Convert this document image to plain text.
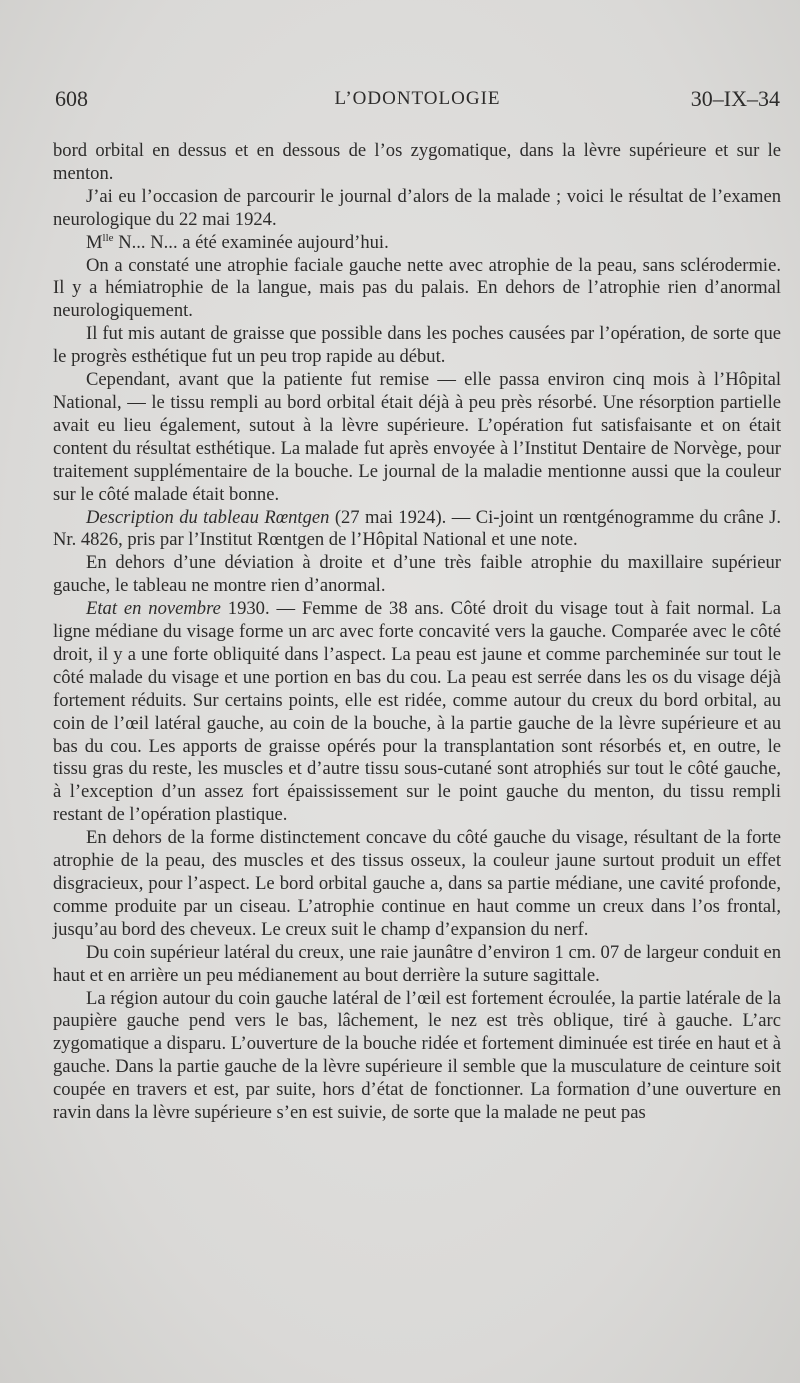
608	L’ODONTOLOGIE	30–IX–34

bord orbital en dessus et en dessous de l’os zygomatique, dans la lèvre supérieure et sur le menton.

J’ai eu l’occasion de parcourir le journal d’alors de la malade ; voici le résultat de l’examen neurologique du 22 mai 1924.

$M^{lle}$ N... N... a été examinée aujourd’hui.

On a constaté une atrophie faciale gauche nette avec atrophie de la peau, sans sclérodermie. Il y a hémiatrophie de la langue, mais pas du palais. En dehors de l’atrophie rien d’anormal neurologiquement.

Il fut mis autant de graisse que possible dans les poches causées par l’opération, de sorte que le progrès esthétique fut un peu trop rapide au début.

Cependant, avant que la patiente fut remise — elle passa environ cinq mois à l’Hôpital National, — le tissu rempli au bord orbital était déjà à peu près résorbé. Une résorption partielle avait eu lieu également, sutout à la lèvre supérieure. L’opération fut satisfaisante et on était content du résultat esthétique. La malade fut après envoyée à l’Institut Dentaire de Norvège, pour traitement supplémentaire de la bouche. Le journal de la maladie mentionne aussi que la couleur sur le côté malade était bonne.

Description du tableau Rœntgen (27 mai 1924). — Ci-joint un rœntgénogramme du crâne J. Nr. 4826, pris par l’Institut Rœntgen de l’Hôpital National et une note.

En dehors d’une déviation à droite et d’une très faible atrophie du maxillaire supérieur gauche, le tableau ne montre rien d’anormal.

Etat en novembre 1930. — Femme de 38 ans. Côté droit du visage tout à fait normal. La ligne médiane du visage forme un arc avec forte concavité vers la gauche. Comparée avec le côté droit, il y a une forte obliquité dans l’aspect. La peau est jaune et comme parcheminée sur tout le côté malade du visage et une portion en bas du cou. La peau est serrée dans les os du visage déjà fortement réduits. Sur certains points, elle est ridée, comme autour du creux du bord orbital, au coin de l’œil latéral gauche, au coin de la bouche, à la partie gauche de la lèvre supérieure et au bas du cou. Les apports de graisse opérés pour la transplantation sont résorbés et, en outre, le tissu gras du reste, les muscles et d’autre tissu sous-cutané sont atrophiés sur tout le côté gauche, à l’exception d’un assez fort épaississement sur le point gauche du menton, du tissu rempli restant de l’opération plastique.

En dehors de la forme distinctement concave du côté gauche du visage, résultant de la forte atrophie de la peau, des muscles et des tissus osseux, la couleur jaune surtout produit un effet disgracieux, pour l’aspect. Le bord orbital gauche a, dans sa partie médiane, une cavité profonde, comme produite par un ciseau. L’atrophie continue en haut comme un creux dans l’os frontal, jusqu’au bord des cheveux. Le creux suit le champ d’expansion du nerf.

Du coin supérieur latéral du creux, une raie jaunâtre d’environ 1 cm. 07 de largeur conduit en haut et en arrière un peu médianement au bout derrière la suture sagittale.

La région autour du coin gauche latéral de l’œil est fortement écroulée, la partie latérale de la paupière gauche pend vers le bas, lâchement, le nez est très oblique, tiré à gauche. L’arc zygomatique a disparu. L’ouverture de la bouche ridée et fortement diminuée est tirée en haut et à gauche. Dans la partie gauche de la lèvre supérieure il semble que la musculature de ceinture soit coupée en travers et est, par suite, hors d’état de fonctionner. La formation d’une ouverture en ravin dans la lèvre supérieure s’en est suivie, de sorte que la malade ne peut pas
